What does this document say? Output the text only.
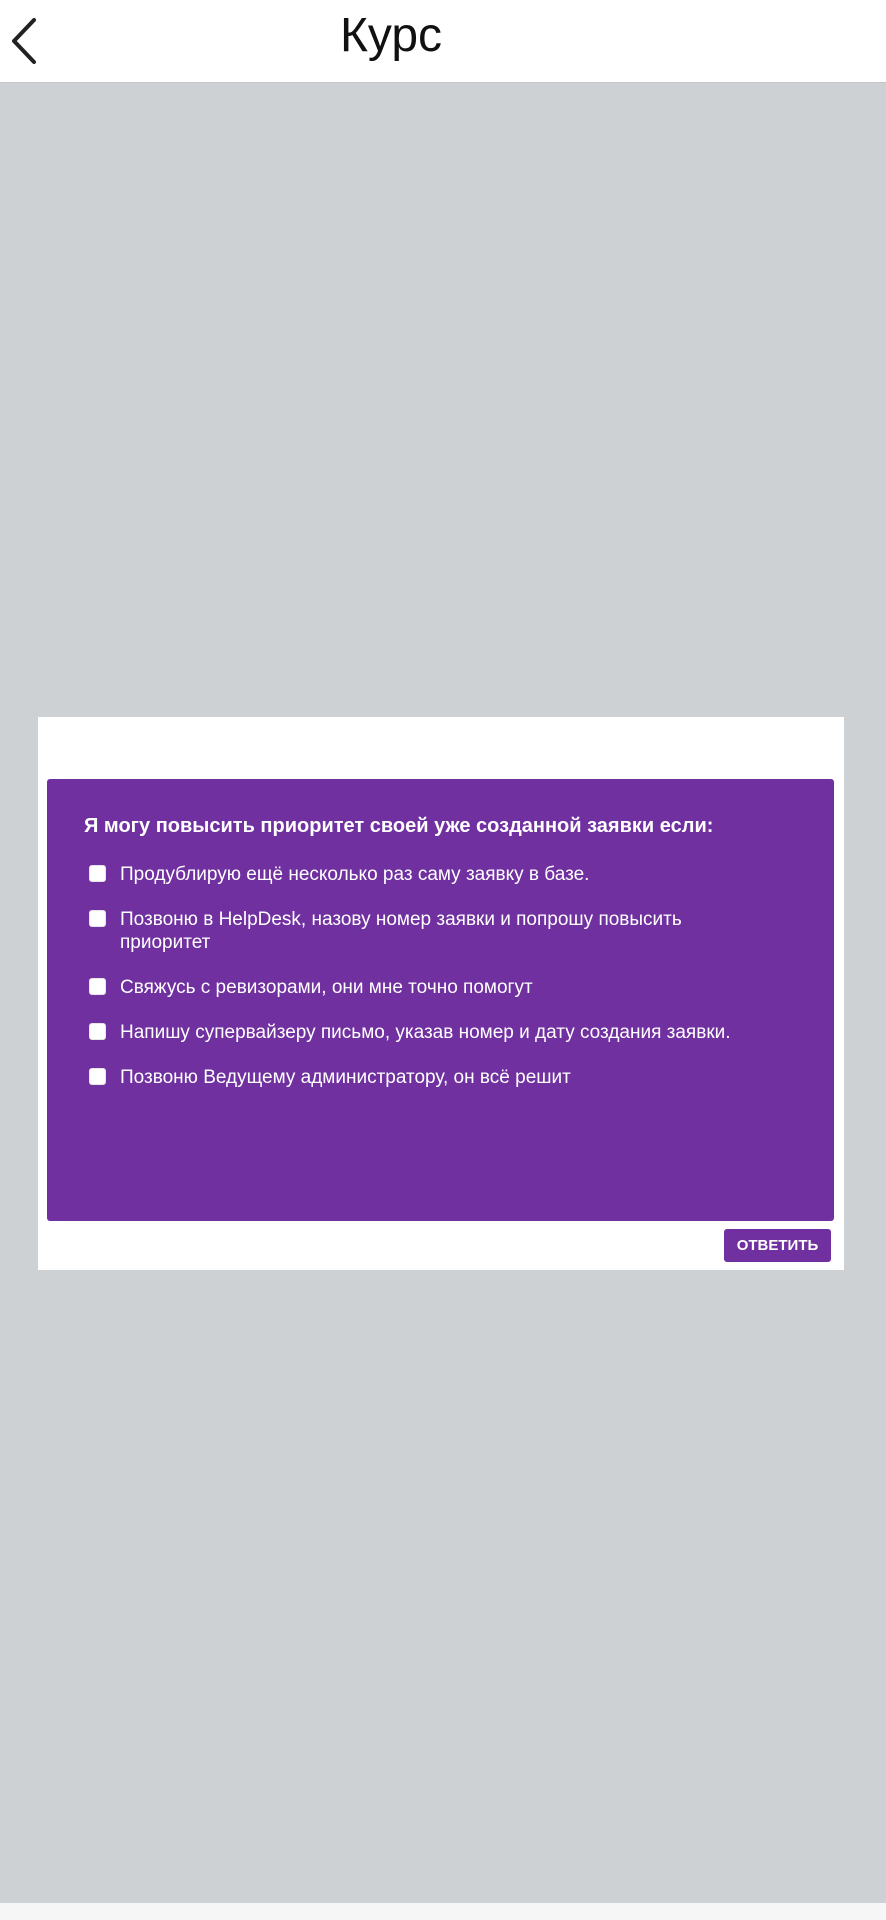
Курс
Я могу повысить приоритет своей уже созданной заявки если:
Продублирую ещё несколько раз саму заявку в базе.
Позвоню в HelpDesk, назову номер заявки и попрошу повысить приоритет
Свяжусь с ревизорами, они мне точно помогут
Напишу супервайзеру письмо, указав номер и дату создания заявки.
Позвоню Ведущему администратору, он всё решит
ОТВЕТИТЬ
